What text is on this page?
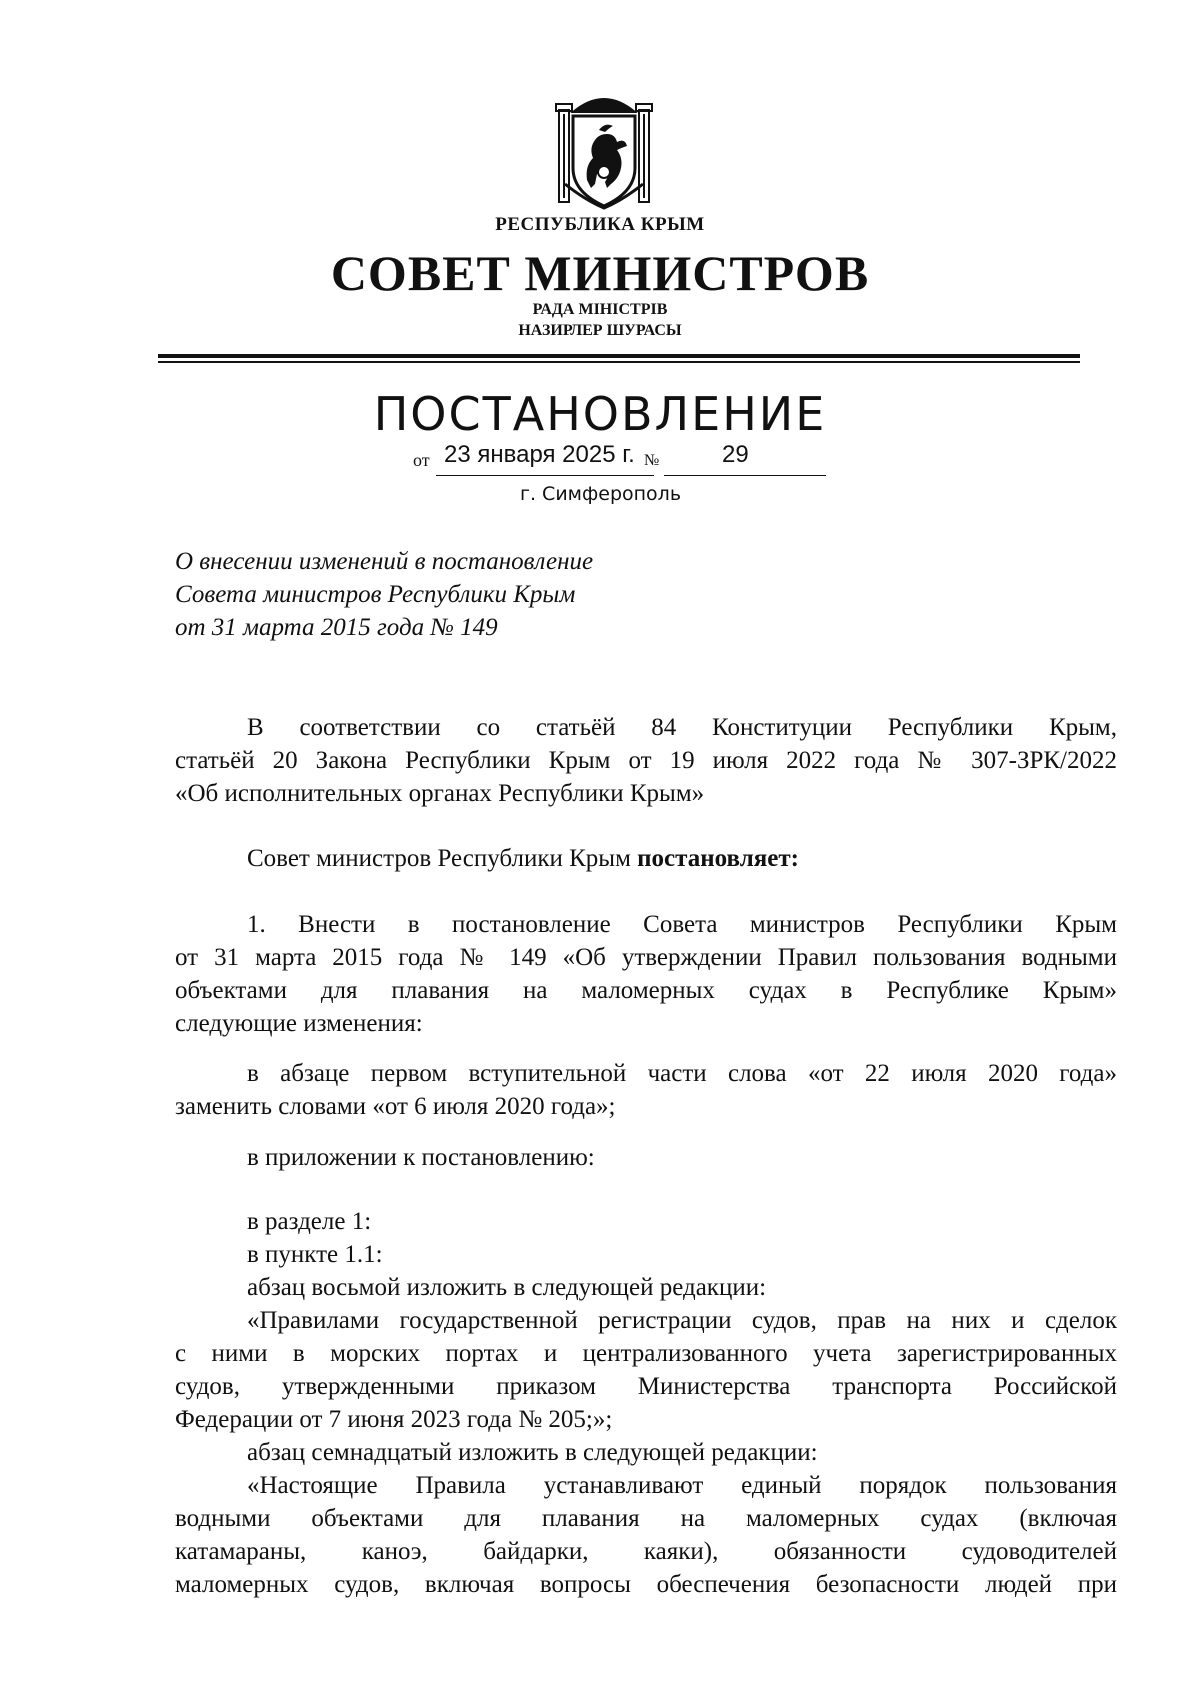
РЕСПУБЛИКА КРЫМ
СОВЕТ МИНИСТРОВ
РАДА МІНІСТРІВ
НАЗИРЛЕР ШУРАСЫ
ПОСТАНОВЛЕНИЕ
от 23 января 2025 г. №	29
г. Симферополь
О внесении изменений в постановление
Совета министров Республики Крым
от 31 марта 2015 года № 149
В соответствии со статьёй 84 Конституции Республики Крым,
статьёй 20 Закона Республики Крым от 19 июля 2022 года № 307-ЗРК/2022
«Об исполнительных органах Республики Крым»
Совет министров Республики Крым постановляет:
1. Внести в постановление Совета министров Республики Крым
от 31 марта 2015 года № 149 «Об утверждении Правил пользования водными
объектами для плавания на маломерных судах в Республике Крым»
следующие изменения:
в абзаце первом вступительной части слова «от 22 июля 2020 года»
заменить словами «от 6 июля 2020 года»;
в приложении к постановлению:
в разделе 1:
в пункте 1.1:
абзац восьмой изложить в следующей редакции:
«Правилами государственной регистрации судов, прав на них и сделок
с ними в морских портах и централизованного учета зарегистрированных
судов, утвержденными приказом Министерства транспорта Российской
Федерации от 7 июня 2023 года № 205;»;
абзац семнадцатый изложить в следующей редакции:
«Настоящие Правила устанавливают единый порядок пользования
водными объектами для плавания на маломерных судах (включая
катамараны, каноэ, байдарки, каяки), обязанности судоводителей
маломерных судов, включая вопросы обеспечения безопасности людей при
